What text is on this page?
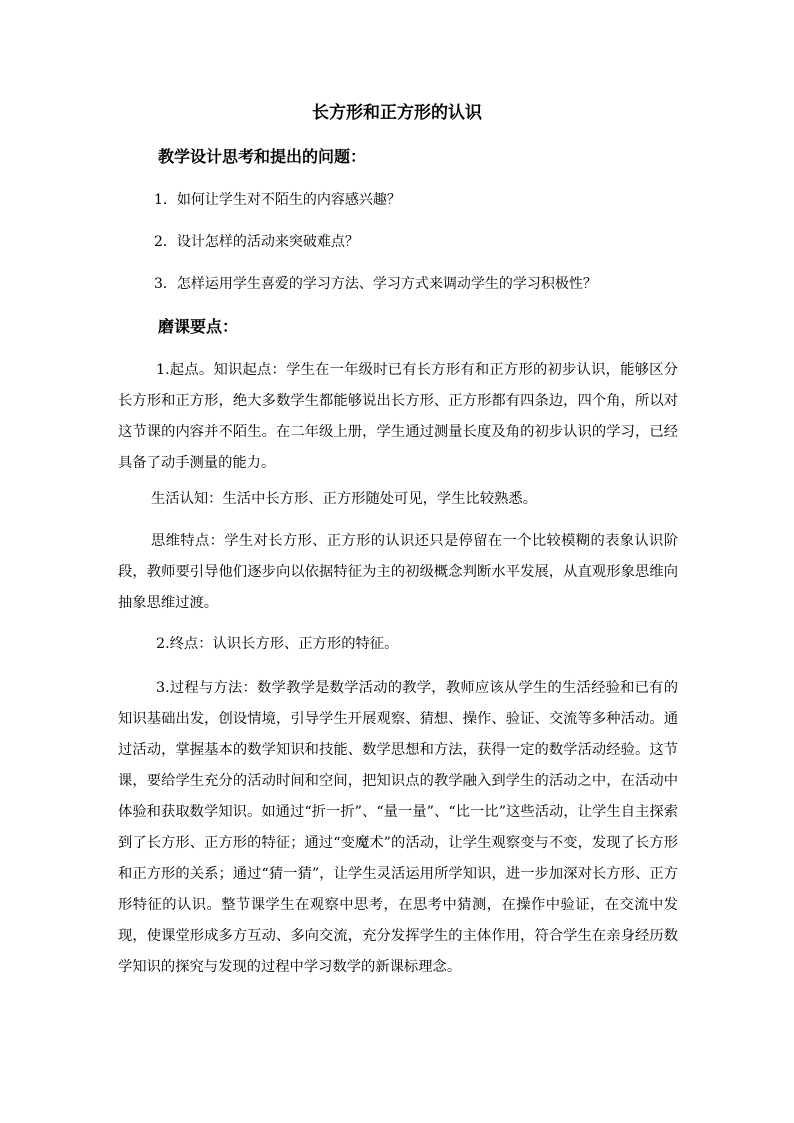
长方形和正方形的认识
教学设计思考和提出的问题：
1．如何让学生对不陌生的内容感兴趣？
2．设计怎样的活动来突破难点？
3．怎样运用学生喜爱的学习方法、学习方式来调动学生的学习积极性？
磨课要点：
1.起点。知识起点：学生在一年级时已有长方形有和正方形的初步认识，能够区分长方形和正方形，绝大多数学生都能够说出长方形、正方形都有四条边，四个角，所以对这节课的内容并不陌生。在二年级上册，学生通过测量长度及角的初步认识的学习，已经具备了动手测量的能力。
生活认知：生活中长方形、正方形随处可见，学生比较熟悉。
思维特点：学生对长方形、正方形的认识还只是停留在一个比较模糊的表象认识阶段，教师要引导他们逐步向以依据特征为主的初级概念判断水平发展，从直观形象思维向抽象思维过渡。
2.终点：认识长方形、正方形的特征。
3.过程与方法：数学教学是数学活动的教学，教师应该从学生的生活经验和已有的知识基础出发，创设情境，引导学生开展观察、猜想、操作、验证、交流等多种活动。通过活动，掌握基本的数学知识和技能、数学思想和方法，获得一定的数学活动经验。这节课，要给学生充分的活动时间和空间，把知识点的教学融入到学生的活动之中，在活动中体验和获取数学知识。如通过“折一折”、“量一量”、“比一比”这些活动，让学生自主探索到了长方形、正方形的特征；通过“变魔术”的活动，让学生观察变与不变，发现了长方形和正方形的关系；通过“猜一猜”，让学生灵活运用所学知识，进一步加深对长方形、正方形特征的认识。整节课学生在观察中思考，在思考中猜测，在操作中验证，在交流中发现，使课堂形成多方互动、多向交流，充分发挥学生的主体作用，符合学生在亲身经历数学知识的探究与发现的过程中学习数学的新课标理念。
